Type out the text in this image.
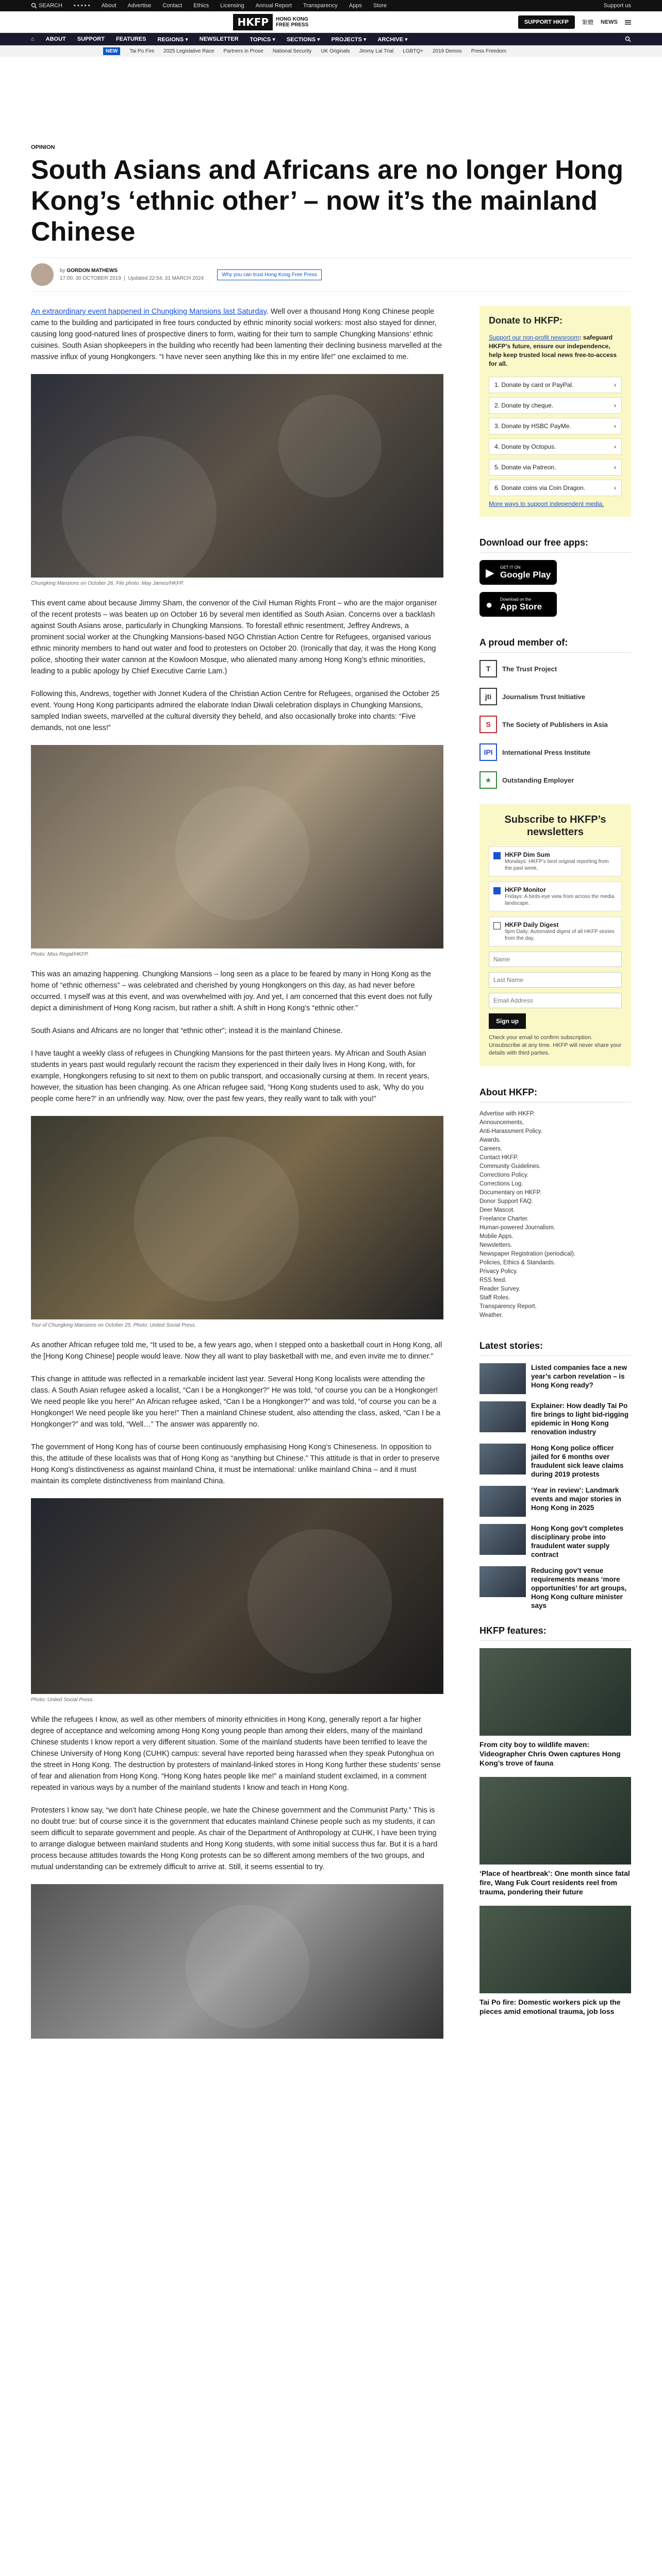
SEARCH ▪ ▪ ▪ ▪ ▪ About Advertise Contact Ethics Licensing Annual Report Transparency Apps Store	Support us
HKFP	HONG KONG
FREE PRESS	SUPPORT HKFP	繁體 NEWS
⌂ ABOUT SUPPORT FEATURES REGIONS ▾ NEWSLETTER TOPICS ▾ SECTIONS ▾ PROJECTS ▾ ARCHIVE ▾
NEW	Tai Po Fire 2025 Legislative Race Partners in Prose National Security UK Originals Jimmy Lai Trial LGBTQ+ 2019 Demos Press Freedom
OPINION
South Asians and Africans are no longer Hong Kong’s ‘ethnic other’ – now it’s the mainland Chinese
by GORDON MATHEWS
17:00, 30 OCTOBER 2019  |  Updated 22:54, 31 MARCH 2024
Why you can trust Hong Kong Free Press

An extraordinary event happened in Chungking Mansions last Saturday. Well over a thousand Hong Kong Chinese people came to the building and participated in free tours conducted by ethnic minority social workers: most also stayed for dinner, causing long good-natured lines of prospective diners to form, waiting for their turn to sample Chungking Mansions’ ethnic cuisines. South Asian shopkeepers in the building who recently had been lamenting their declining business marvelled at the massive influx of young Hongkongers. “I have never seen anything like this in my entire life!” one exclaimed to me.

Chungking Mansions on October 26. File photo: May James/HKFP.

This event came about because Jimmy Sham, the convenor of the Civil Human Rights Front – who are the major organiser of the recent protests – was beaten up on October 16 by several men identified as South Asian. Concerns over a backlash against South Asians arose, particularly in Chungking Mansions. To forestall ethnic resentment, Jeffrey Andrews, a prominent social worker at the Chungking Mansions-based NGO Christian Action Centre for Refugees, organised various ethnic minority members to hand out water and food to protesters on October 20. (Ironically that day, it was the Hong Kong police, shooting their water cannon at the Kowloon Mosque, who alienated many among Hong Kong’s ethnic minorities, leading to a public apology by Chief Executive Carrie Lam.)

Following this, Andrews, together with Jonnet Kudera of the Christian Action Centre for Refugees, organised the October 25 event. Young Hong Kong participants admired the elaborate Indian Diwali celebration displays in Chungking Mansions, sampled Indian sweets, marvelled at the cultural diversity they beheld, and also occasionally broke into chants: “Five demands, not one less!”

Photo: Miss Regal/HKFP.

This was an amazing happening. Chungking Mansions – long seen as a place to be feared by many in Hong Kong as the home of “ethnic otherness” – was celebrated and cherished by young Hongkongers on this day, as had never before occurred. I myself was at this event, and was overwhelmed with joy. And yet, I am concerned that this event does not fully depict a diminishment of Hong Kong racism, but rather a shift. A shift in Hong Kong’s “ethnic other.”

South Asians and Africans are no longer that “ethnic other”; instead it is the mainland Chinese.

I have taught a weekly class of refugees in Chungking Mansions for the past thirteen years. My African and South Asian students in years past would regularly recount the racism they experienced in their daily lives in Hong Kong, with, for example, Hongkongers refusing to sit next to them on public transport, and occasionally cursing at them. In recent years, however, the situation has been changing. As one African refugee said, “Hong Kong students used to ask, ‘Why do you people come here?’ in an unfriendly way. Now, over the past few years, they really want to talk with you!”

Tour of Chungking Mansions on October 25. Photo: United Social Press.

As another African refugee told me, “It used to be, a few years ago, when I stepped onto a basketball court in Hong Kong, all the [Hong Kong Chinese] people would leave. Now they all want to play basketball with me, and even invite me to dinner.”

This change in attitude was reflected in a remarkable incident last year. Several Hong Kong localists were attending the class. A South Asian refugee asked a localist, “Can I be a Hongkonger?” He was told, “of course you can be a Hongkonger! We need people like you here!” An African refugee asked, “Can I be a Hongkonger?” and was told, “of course you can be a Hongkonger! We need people like you here!” Then a mainland Chinese student, also attending the class, asked, “Can I be a Hongkonger?” and was told, “Well…” The answer was apparently no.

The government of Hong Kong has of course been continuously emphasising Hong Kong’s Chineseness. In opposition to this, the attitude of these localists was that of Hong Kong as “anything but Chinese.” This attitude is that in order to preserve Hong Kong’s distinctiveness as against mainland China, it must be international: unlike mainland China – and it must maintain its complete distinctiveness from mainland China.

Photo: United Social Press.

While the refugees I know, as well as other members of minority ethnicities in Hong Kong, generally report a far higher degree of acceptance and welcoming among Hong Kong young people than among their elders, many of the mainland Chinese students I know report a very different situation. Some of the mainland students have been terrified to leave the Chinese University of Hong Kong (CUHK) campus: several have reported being harassed when they speak Putonghua on the street in Hong Kong. The destruction by protesters of mainland-linked stores in Hong Kong further these students’ sense of fear and alienation from Hong Kong. “Hong Kong hates people like me!” a mainland student exclaimed, in a comment repeated in various ways by a number of the mainland students I know and teach in Hong Kong.

Protesters I know say, “we don’t hate Chinese people, we hate the Chinese government and the Communist Party.” This is no doubt true: but of course since it is the government that educates mainland Chinese people such as my students, it can seem difficult to separate government and people. As chair of the Department of Anthropology at CUHK, I have been trying to arrange dialogue between mainland students and Hong Kong students, with some initial success thus far. But it is a hard process because attitudes towards the Hong Kong protests can be so different among members of the two groups, and mutual understanding can be extremely difficult to arrive at. Still, it seems essential to try.

Donate to HKFP:
Support our non-profit newsroom: safeguard HKFP’s future, ensure our independence, help keep trusted local news free-to-access for all.
1. Donate by card or PayPal.	›
2. Donate by cheque.	›
3. Donate by HSBC PayMe.	›
4. Donate by Octopus.	›
5. Donate via Patreon.	›
6. Donate coins via Coin Dragon.	›
More ways to support independent media.
Download our free apps:
▶ GET IT ON
Google Play
● Download on the
App Store
A proud member of:
T	The Trust Project
jti	Journalism Trust Initiative
S	The Society of Publishers in Asia
IPI	International Press Institute
★	Outstanding Employer
Subscribe to HKFP’s newsletters
HKFP Dim Sum
Mondays: HKFP’s best original reporting from the past week.
HKFP Monitor
Fridays: A birds-eye view from across the media landscape.
HKFP Daily Digest
9pm Daily: Automated digest of all HKFP stories from the day.
Name Last Name Email Address Sign up
Check your email to confirm subscription. Unsubscribe at any time. HKFP will never share your details with third parties.
About HKFP:
Advertise with HKFP.
Announcements.
Anti-Harassment Policy.
Awards.
Careers.
Contact HKFP.
Community Guidelines.
Corrections Policy.
Corrections Log.
Documentary on HKFP.
Donor Support FAQ.
Deer Mascot.
Freelance Charter.
Human-powered Journalism.
Mobile Apps.
Newsletters.
Newspaper Registration (periodical).
Policies, Ethics & Standards.
Privacy Policy.
RSS feed.
Reader Survey.
Staff Roles.
Transparency Report.
Weather.
Latest stories:
Listed companies face a new year’s carbon revelation – is Hong Kong ready?
Explainer: How deadly Tai Po fire brings to light bid-rigging epidemic in Hong Kong renovation industry
Hong Kong police officer jailed for 6 months over fraudulent sick leave claims during 2019 protests
‘Year in review’: Landmark events and major stories in Hong Kong in 2025
Hong Kong gov’t completes disciplinary probe into fraudulent water supply contract
Reducing gov’t venue requirements means ‘more opportunities’ for art groups, Hong Kong culture minister says
HKFP features:
From city boy to wildlife maven: Videographer Chris Owen captures Hong Kong’s trove of fauna
‘Place of heartbreak’: One month since fatal fire, Wang Fuk Court residents reel from trauma, pondering their future
Tai Po fire: Domestic workers pick up the pieces amid emotional trauma, job loss
